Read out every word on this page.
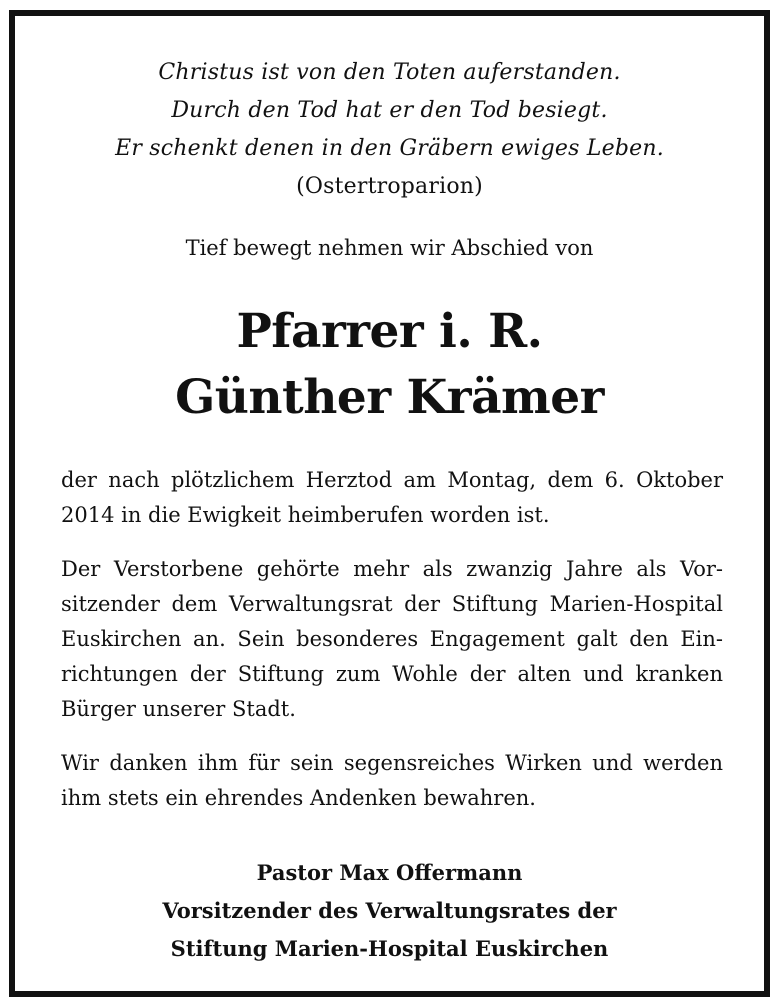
Christus ist von den Toten auferstanden.
Durch den Tod hat er den Tod besiegt.
Er schenkt denen in den Gräbern ewiges Leben.
(Ostertroparion)
Tief bewegt nehmen wir Abschied von
Pfarrer i. R.
Günther Krämer
der nach plötzlichem Herztod am Montag, dem 6. Oktober 2014 in die Ewigkeit heimberufen worden ist.
Der Verstorbene gehörte mehr als zwanzig Jahre als Vorsitzender dem Verwaltungsrat der Stiftung Marien-Hospital Euskirchen an. Sein besonderes Engagement galt den Einrichtungen der Stiftung zum Wohle der alten und kranken Bürger unserer Stadt.
Wir danken ihm für sein segensreiches Wirken und werden ihm stets ein ehrendes Andenken bewahren.
Pastor Max Offermann
Vorsitzender des Verwaltungsrates der
Stiftung Marien-Hospital Euskirchen
